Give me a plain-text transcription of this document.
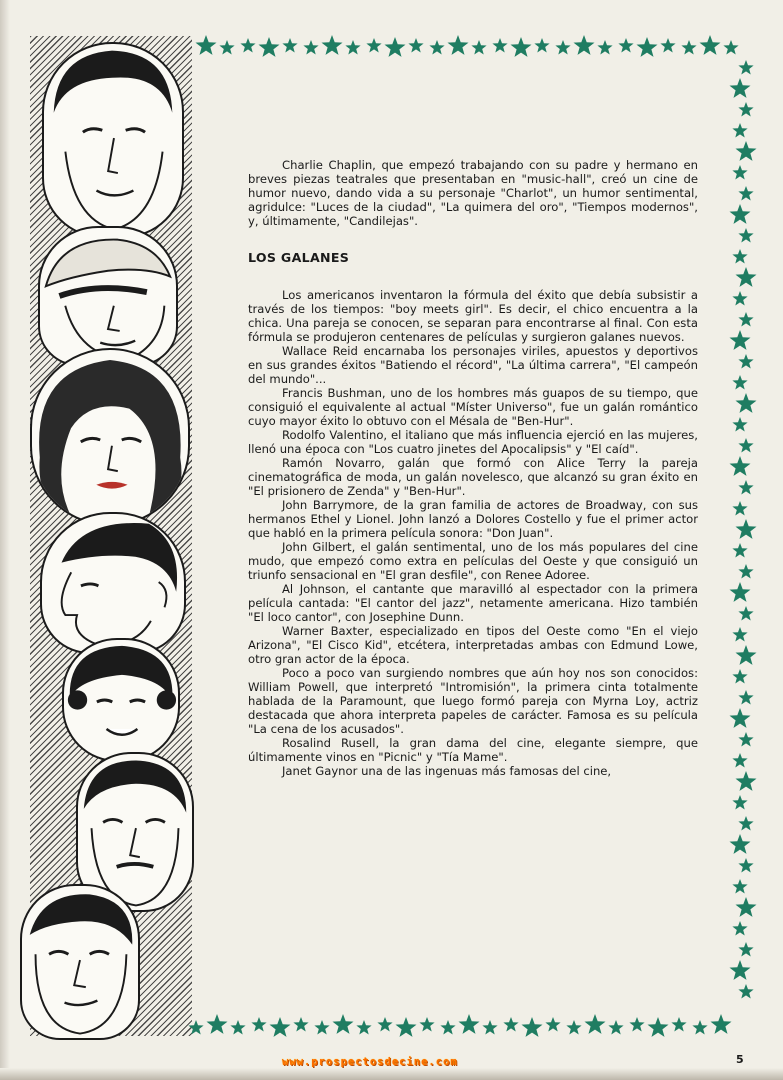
Charlie Chaplin, que empezó trabajando con su padre y hermano en breves piezas teatrales que presentaban en "music-hall", creó un cine de humor nuevo, dando vida a su personaje "Charlot", un humor sentimental, agridulce: "Luces de la ciudad", "La quimera del oro", "Tiempos modernos", y, últimamente, "Candilejas".

LOS GALANES

Los americanos inventaron la fórmula del éxito que debía subsistir a través de los tiempos: "boy meets girl". Es decir, el chico encuentra a la chica. Una pareja se conocen, se separan para encontrarse al final. Con esta fórmula se produjeron centenares de películas y surgieron galanes nuevos.

Wallace Reid encarnaba los personajes viriles, apuestos y deportivos en sus grandes éxitos "Batiendo el récord", "La última carrera", "El campeón del mundo"...

Francis Bushman, uno de los hombres más guapos de su tiempo, que consiguió el equivalente al actual "Míster Universo", fue un galán romántico cuyo mayor éxito lo obtuvo con el Mésala de "Ben-Hur".

Rodolfo Valentino, el italiano que más influencia ejerció en las mujeres, llenó una época con "Los cuatro jinetes del Apocalipsis" y "El caíd".

Ramón Novarro, galán que formó con Alice Terry la pareja cinematográfica de moda, un galán novelesco, que alcanzó su gran éxito en "El prisionero de Zenda" y "Ben-Hur".

John Barrymore, de la gran familia de actores de Broadway, con sus hermanos Ethel y Lionel. John lanzó a Dolores Costello y fue el primer actor que habló en la primera película sonora: "Don Juan".

John Gilbert, el galán sentimental, uno de los más populares del cine mudo, que empezó como extra en películas del Oeste y que consiguió un triunfo sensacional en "El gran desfile", con Renee Adoree.

Al Johnson, el cantante que maravilló al espectador con la primera película cantada: "El cantor del jazz", netamente americana. Hizo también "El loco cantor", con Josephine Dunn.

Warner Baxter, especializado en tipos del Oeste como "En el viejo Arizona", "El Cisco Kid", etcétera, interpretadas ambas con Edmund Lowe, otro gran actor de la época.

Poco a poco van surgiendo nombres que aún hoy nos son conocidos: William Powell, que interpretó "Intromisión", la primera cinta totalmente hablada de la Paramount, que luego formó pareja con Myrna Loy, actriz destacada que ahora interpreta papeles de carácter. Famosa es su película "La cena de los acusados".

Rosalind Rusell, la gran dama del cine, elegante siempre, que últimamente vinos en "Picnic" y "Tía Mame".

Janet Gaynor una de las ingenuas más famosas del cine,

www.prospectosdecine.com	5
